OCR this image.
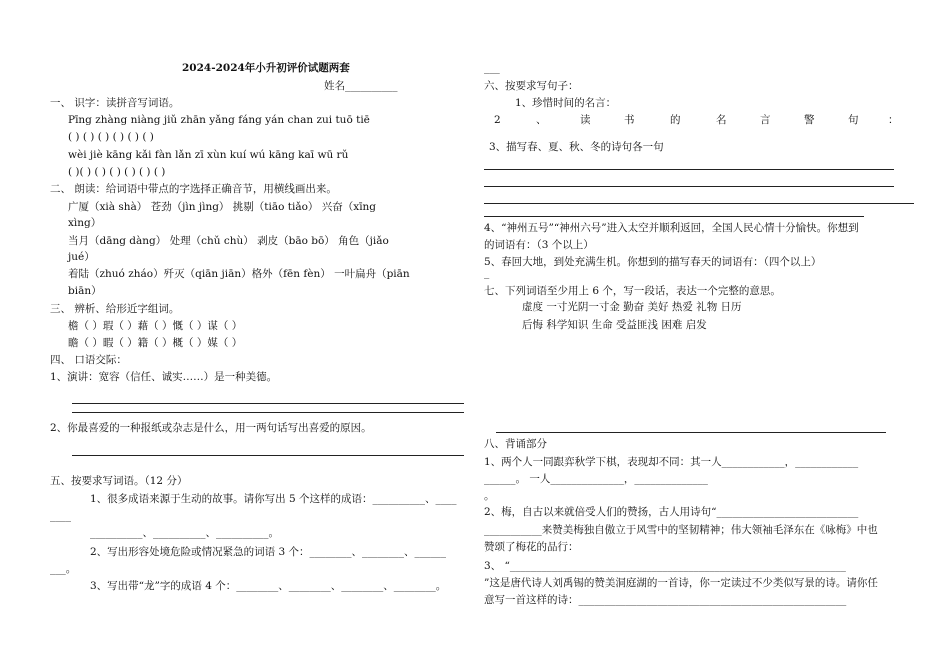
2024-2024年小升初评价试题两套
姓名__________
一、 识字：读拼音写词语。
Pīng zhàng niàng jiǔ zhān yǎng fáng yán chan zui tuō tiē
( ) ( ) ( ) ( ) ( ) ( )
wèi jiè kāng kǎi fàn lǎn zī xùn kuí wú kāng kaī wū rǔ
( )( ) ( ) ( ) ( ) ( ) ( )
二、 朗读：给词语中带点的字选择正确音节，用横线画出来。
广厦（xià shà） 苍劲（jìn jìng） 挑剔（tiāo tiǎo） 兴奋（xīng
xìng）
当月（dāng dàng） 处理（chǔ chù） 剥皮（bāo bō） 角色（jiǎo
jué）
着陆（zhuó zháo）歼灭（qiān jiān）格外（fēn fèn） 一叶扁舟（piān
biān）
三、 辨析、给形近字组词。
檐（ ）瑕（ ）藉（ ）慨（ ）谋（ ）
瞻（ ）暇（ ）籍（ ）概（ ）媒（ ）
四、 口语交际：
1、演讲：宽容（信任、诚实……）是一种美德。
2、你最喜爱的一种报纸或杂志是什么，用一两句话写出喜爱的原因。
五、按要求写词语。（12 分）
1、很多成语来源于生动的故事。请你写出 5 个这样的成语：__________、____
____
__________、__________、__________。
2、写出形容处境危险或情况紧急的词语 3 个：________、________、______
___。
3、写出带“龙”字的成语 4 个：________、________、________、________。
___
六、按要求写句子：
1、珍惜时间的名言：
2	、	读	书	的	名	言	警	句	：
3、描写春、夏、秋、冬的诗句各一句
4、“神州五号”“神州六号”进入太空并顺利返回，全国人民心情十分愉快。你想到
的词语有：（3 个以上）
5、春回大地，到处充满生机。你想到的描写春天的词语有：（四个以上）
_
七、下列词语至少用上 6 个，写一段话，表达一个完整的意思。
虚度 一寸光阴一寸金 勤奋 美好 热爱 礼物 日历
后悔 科学知识 生命 受益匪浅 困难 启发
八、背诵部分
1、两个人一同跟弈秋学下棋，表现却不同：其一人____________，____________
______。 一人______________，______________
。
2、梅，自古以来就倍受人们的赞扬，古人用诗句“___________________________
___________来赞美梅独自傲立于风雪中的坚韧精神；伟大领袖毛泽东在《咏梅》中也
赞颂了梅花的品行：
3、 “________________________________________________________________
”这是唐代诗人刘禹锡的赞美洞庭湖的一首诗，你一定读过不少类似写景的诗。请你任
意写一首这样的诗：___________________________________________________
